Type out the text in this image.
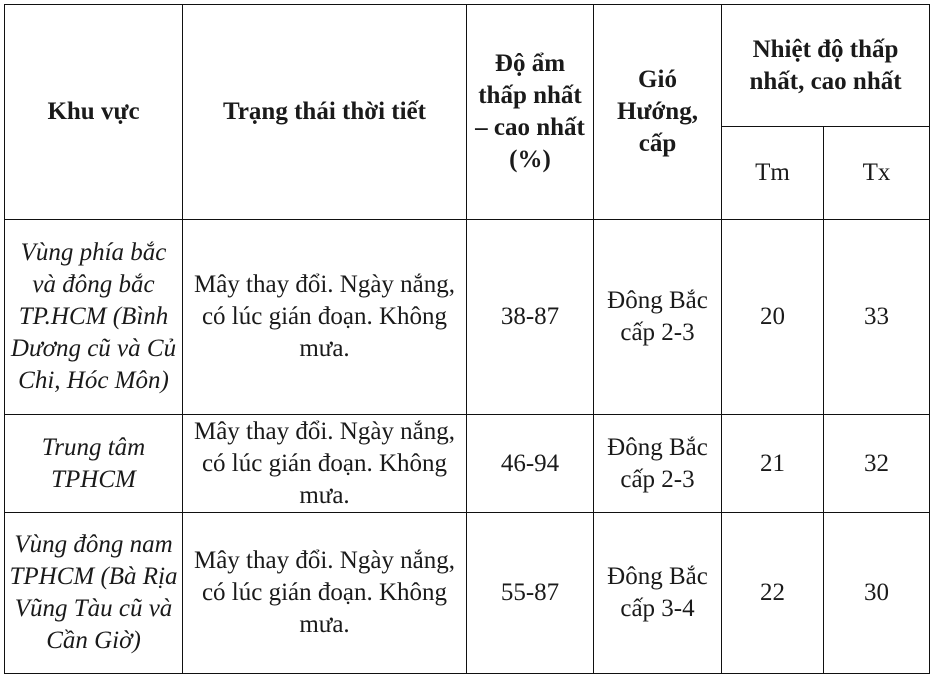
Khu vực	Trạng thái thời tiết	Độ ẩm thấp nhất – cao nhất (%)	Gió Hướng, cấp	Nhiệt độ thấp nhất, cao nhất	

				Tm	Tx

Vùng phía bắc và đông bắc TP.HCM (Bình Dương cũ và Củ Chi, Hóc Môn)	Mây thay đổi. Ngày nắng, có lúc gián đoạn. Không mưa.	38-87	Đông Bắc cấp 2-3	20	33

Trung tâm TPHCM	Mây thay đổi. Ngày nắng, có lúc gián đoạn. Không mưa.	46-94	Đông Bắc cấp 2-3	21	32

Vùng đông nam TPHCM (Bà Rịa Vũng Tàu cũ và Cần Giờ)	Mây thay đổi. Ngày nắng, có lúc gián đoạn. Không mưa.	55-87	Đông Bắc cấp 3-4	22	30
